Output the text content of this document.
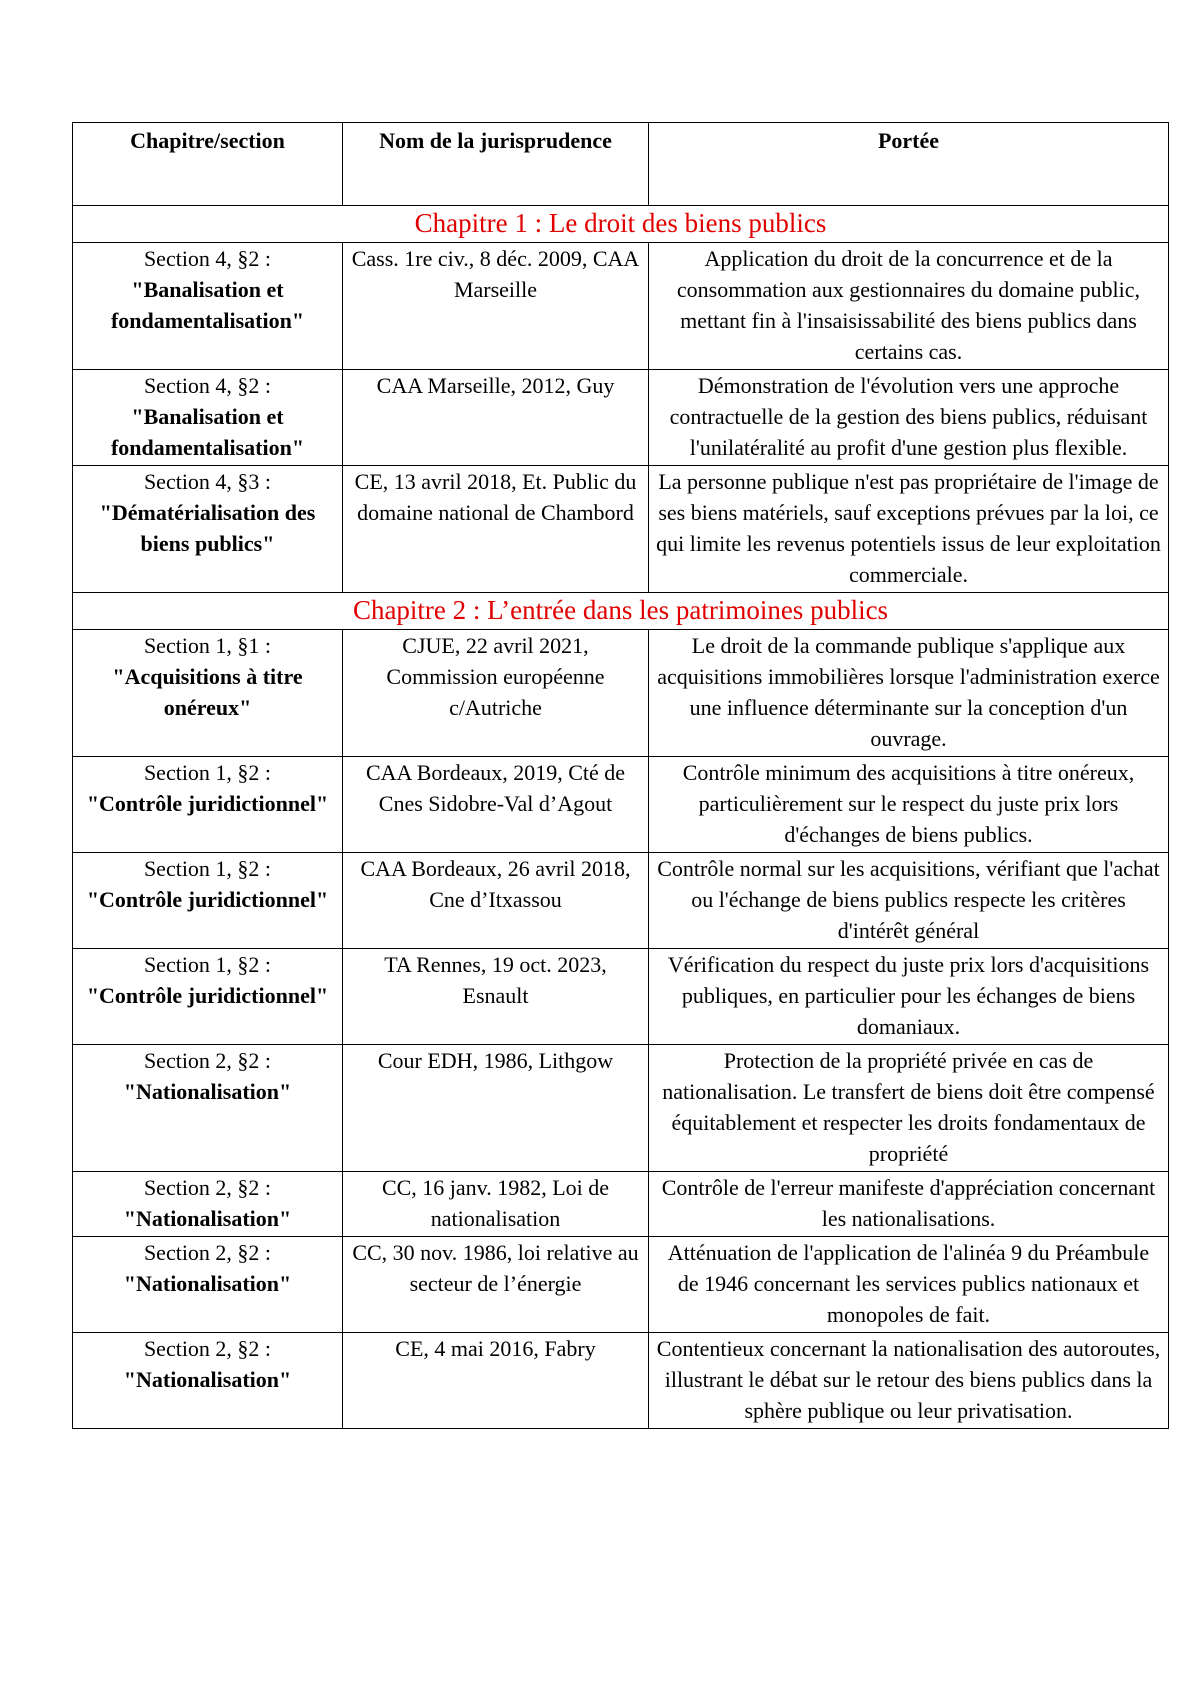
Chapitre/section	Nom de la jurisprudence	Portée
Chapitre 1 : Le droit des biens publics		

Section 4, §2 :
"Banalisation et fondamentalisation"	Cass. 1re civ., 8 déc. 2009, CAA Marseille	Application du droit de la concurrence et de la consommation aux gestionnaires du domaine public, mettant fin à l'insaisissabilité des biens publics dans certains cas.

Section 4, §2 :
"Banalisation et fondamentalisation"	CAA Marseille, 2012, Guy	Démonstration de l'évolution vers une approche contractuelle de la gestion des biens publics, réduisant l'unilatéralité au profit d'une gestion plus flexible.

Section 4, §3 :
"Dématérialisation des biens publics"	CE, 13 avril 2018, Et. Public du domaine national de Chambord	La personne publique n'est pas propriétaire de l'image de ses biens matériels, sauf exceptions prévues par la loi, ce qui limite les revenus potentiels issus de leur exploitation commerciale.
Chapitre 2 : L’entrée dans les patrimoines publics		

Section 1, §1 :
"Acquisitions à titre onéreux"	CJUE, 22 avril 2021, Commission européenne c/Autriche	Le droit de la commande publique s'applique aux acquisitions immobilières lorsque l'administration exerce une influence déterminante sur la conception d'un ouvrage.

Section 1, §2 :
"Contrôle juridictionnel"	CAA Bordeaux, 2019, Cté de Cnes Sidobre-Val d’Agout	Contrôle minimum des acquisitions à titre onéreux, particulièrement sur le respect du juste prix lors d'échanges de biens publics.

Section 1, §2 :
"Contrôle juridictionnel"	CAA Bordeaux, 26 avril 2018, Cne d’Itxassou	Contrôle normal sur les acquisitions, vérifiant que l'achat ou l'échange de biens publics respecte les critères d'intérêt général

Section 1, §2 :
"Contrôle juridictionnel"	TA Rennes, 19 oct. 2023, Esnault	Vérification du respect du juste prix lors d'acquisitions publiques, en particulier pour les échanges de biens domaniaux.

Section 2, §2 :
"Nationalisation"	Cour EDH, 1986, Lithgow	Protection de la propriété privée en cas de nationalisation. Le transfert de biens doit être compensé équitablement et respecter les droits fondamentaux de propriété

Section 2, §2 :
"Nationalisation"	CC, 16 janv. 1982, Loi de nationalisation	Contrôle de l'erreur manifeste d'appréciation concernant les nationalisations.

Section 2, §2 :
"Nationalisation"	CC, 30 nov. 1986, loi relative au secteur de l’énergie	Atténuation de l'application de l'alinéa 9 du Préambule de 1946 concernant les services publics nationaux et monopoles de fait.

Section 2, §2 :
"Nationalisation"	CE, 4 mai 2016, Fabry	Contentieux concernant la nationalisation des autoroutes, illustrant le débat sur le retour des biens publics dans la sphère publique ou leur privatisation.
